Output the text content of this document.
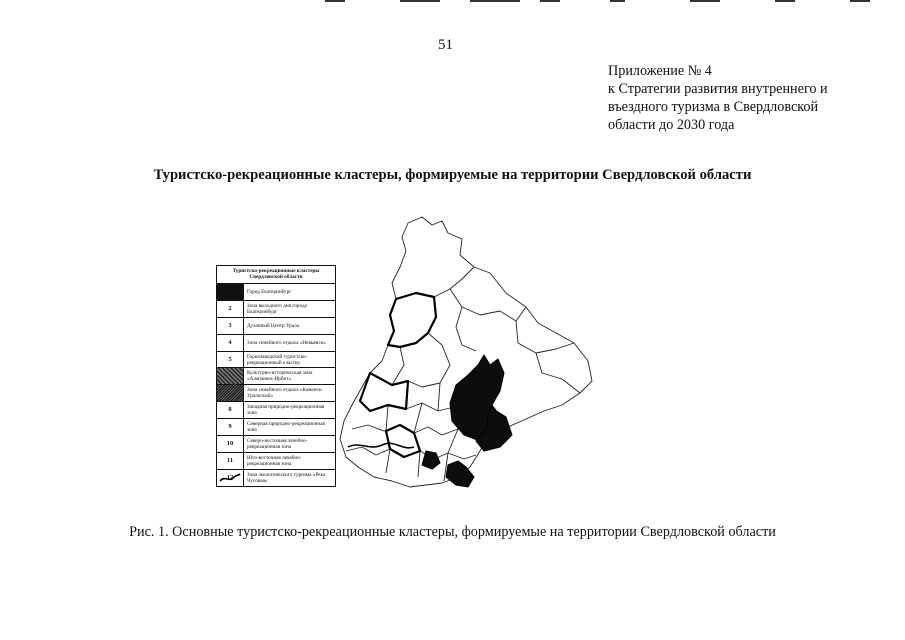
51
Приложение № 4
к Стратегии развития внутреннего и
въездного туризма в Свердловской
области до 2030 года
Туристско-рекреационные кластеры, формируемые на территории Свердловской области
Туристско-рекреационные кластеры Свердловской области
Город Екатеринбург
2	Зона выходного дня города Екатеринбург
3	Духовный Центр Урала
4	Зона семейного отдыха «Невьянск»
5	Горнозаводский туристско-рекреационный кластер
Культурно-историческая зона «Алапаевск-Ирбит»
Зона семейного отдыха «Каменск-Уральский»
8	Западная природно-рекреационная зона
9	Северная природно-рекреационная зона
10	Северо-восточная лечебно-рекреационная зона
11	Юго-восточная лечебно-рекреационная зона
12	Зона экологического туризма «Река Чусовая»
Рис. 1. Основные туристско-рекреационные кластеры, формируемые на территории Свердловской области
